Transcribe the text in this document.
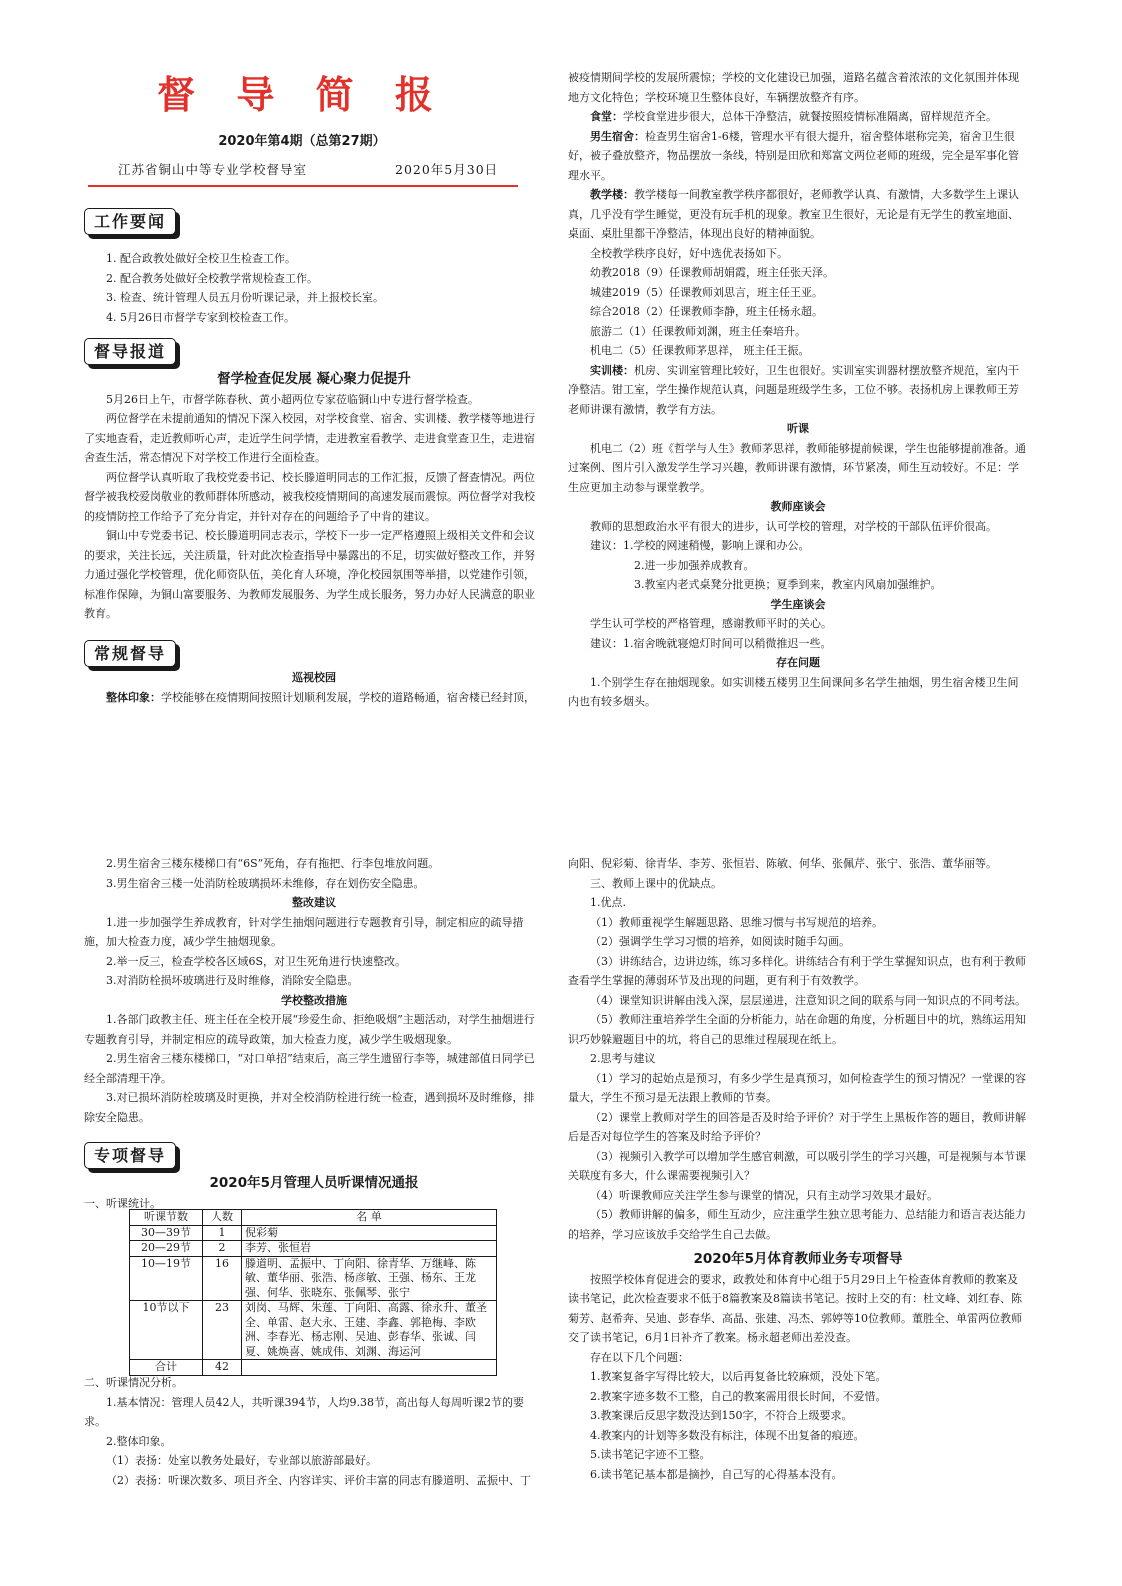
督 导 简 报
2020年第4期（总第27期）
江苏省铜山中等专业学校督导室	2020年5月30日
工作要闻

1. 配合政教处做好全校卫生检查工作。

2. 配合教务处做好全校教学常规检查工作。

3. 检查、统计管理人员五月份听课记录，并上报校长室。

4. 5月26日市督学专家到校检查工作。

督导报道

督学检查促发展 凝心聚力促提升

5月26日上午，市督学陈春秋、黄小超两位专家莅临铜山中专进行督学检查。

两位督学在未提前通知的情况下深入校园，对学校食堂、宿舍、实训楼、教学楼等地进行了实地查看，走近教师听心声，走近学生问学情，走进教室看教学、走进食堂查卫生，走进宿舍查生活，常态情况下对学校工作进行全面检查。

两位督学认真听取了我校党委书记、校长滕道明同志的工作汇报，反馈了督查情况。两位督学被我校爱岗敬业的教师群体所感动，被我校疫情期间的高速发展而震惊。两位督学对我校的疫情防控工作给予了充分肯定，并针对存在的问题给予了中肯的建议。

铜山中专党委书记、校长滕道明同志表示，学校下一步一定严格遵照上级相关文件和会议的要求，关注长远，关注质量，针对此次检查指导中暴露出的不足，切实做好整改工作，并努力通过强化学校管理，优化师资队伍，美化育人环境，净化校园氛围等举措，以党建作引领，标准作保障，为铜山富要服务、为教师发展服务、为学生成长服务，努力办好人民满意的职业教育。

常规督导

巡视校园

整体印象：学校能够在疫情期间按照计划顺利发展，学校的道路畅通，宿舍楼已经封顶，

被疫情期间学校的发展所震惊；学校的文化建设已加强，道路名蕴含着浓浓的文化氛围并体现地方文化特色；学校环境卫生整体良好，车辆摆放整齐有序。

食堂：学校食堂进步很大，总体干净整洁，就餐按照疫情标准隔离，留样规范齐全。

男生宿舍：检查男生宿舍1-6楼，管理水平有很大提升，宿舍整体堪称完美，宿舍卫生很好，被子叠放整齐，物品摆放一条线，特别是田欣和郑富文两位老师的班级，完全是军事化管理水平。

教学楼：教学楼每一间教室教学秩序都很好，老师教学认真、有激情，大多数学生上课认真，几乎没有学生睡觉，更没有玩手机的现象。教室卫生很好，无论是有无学生的教室地面、桌面、桌肚里都干净整洁，体现出良好的精神面貌。

全校教学秩序良好，好中选优表扬如下。

幼教2018（9）任课教师胡娟霞，班主任张天泽。

城建2019（5）任课教师刘思言，班主任王亚。

综合2018（2）任课教师李静，班主任杨永超。

旅游二（1）任课教师刘渊，班主任秦培升。

机电二（5）任课教师茅思祥， 班主任王振。

实训楼：机房、实训室管理比较好，卫生也很好。实训室实训器材摆放整齐规范，室内干净整洁。钳工室，学生操作规范认真，问题是班级学生多，工位不够。表扬机房上课教师王芳老师讲课有激情，教学有方法。

听课

机电二（2）班《哲学与人生》教师茅思祥，教师能够提前候课，学生也能够提前准备。通过案例、图片引入激发学生学习兴趣，教师讲课有激情，环节紧凑，师生互动较好。不足：学生应更加主动参与课堂教学。

教师座谈会

教师的思想政治水平有很大的进步，认可学校的管理，对学校的干部队伍评价很高。

建议：1.学校的网速稍慢，影响上课和办公。

2.进一步加强养成教育。

3.教室内老式桌凳分批更换；夏季到来，教室内风扇加强维护。

学生座谈会

学生认可学校的严格管理，感谢教师平时的关心。

建议：1.宿舍晚就寝熄灯时间可以稍微推迟一些。

存在问题

1.个别学生存在抽烟现象。如实训楼五楼男卫生间课间多名学生抽烟，男生宿舍楼卫生间内也有较多烟头。

2.男生宿舍三楼东楼梯口有“6S”死角，存有拖把、行李包堆放问题。

3.男生宿舍三楼一处消防栓玻璃损坏未维修，存在划伤安全隐患。

整改建议

1.进一步加强学生养成教育，针对学生抽烟问题进行专题教育引导，制定相应的疏导措施，加大检查力度，减少学生抽烟现象。

2.举一反三，检查学校各区域6S，对卫生死角进行快速整改。

3.对消防栓损坏玻璃进行及时维修，消除安全隐患。

学校整改措施

1.各部门政教主任、班主任在全校开展“珍爱生命、拒绝吸烟”主题活动，对学生抽烟进行专题教育引导，并制定相应的疏导政策，加大检查力度，减少学生吸烟现象。

2.男生宿舍三楼东楼梯口，“对口单招”结束后，高三学生遗留行李等，城建部值日同学已经全部清理干净。

3.对已损坏消防栓玻璃及时更换，并对全校消防栓进行统一检查，遇到损坏及时维修，排除安全隐患。

专项督导

2020年5月管理人员听课情况通报

一、听课统计。

听课节数	人数	名 单
30—39节	1	倪彩菊
20—29节	2	李芳、张恒岩
10—19节	16	滕道明、孟振中、丁向阳、徐青华、万继峰、陈敏、董华丽、张浩、杨彦敏、王强、杨东、王龙强、何华、张晓东、张佩琴、张宁
10节以下	23	刘岗、马辉、朱莲、丁向阳、高露、徐永升、董圣全、单雷、赵大永、王建、李鑫、郭艳梅、李欧洲、李春光、杨志刚、吴迪、彭春华、张诚、闫夏、姚焕喜、姚成伟、刘渊、海运河
合计	42	

二、听课情况分析。

1.基本情况：管理人员42人，共听课394节，人均9.38节，高出每人每周听课2节的要求。

2.整体印象。

（1）表扬：处室以教务处最好，专业部以旅游部最好。

（2）表扬：听课次数多、项目齐全、内容详实、评价丰富的同志有滕道明、孟振中、丁

向阳、倪彩菊、徐青华、李芳、张恒岩、陈敏、何华、张佩芹、张宁、张浩、董华丽等。

三、教师上课中的优缺点。

1.优点.

（1）教师重视学生解题思路、思维习惯与书写规范的培养。

（2）强调学生学习习惯的培养，如阅读时随手勾画。

（3）讲练结合，边讲边练，练习多样化。讲练结合有利于学生掌握知识点，也有利于教师查看学生掌握的薄弱环节及出现的问题，更有利于有效教学。

（4）课堂知识讲解由浅入深，层层递进，注意知识之间的联系与同一知识点的不同考法。

（5）教师注重培养学生全面的分析能力，站在命题的角度，分析题目中的坑，熟练运用知识巧妙躲避题目中的坑，将自己的思维过程展现在纸上。

2.思考与建议

（1）学习的起始点是预习，有多少学生是真预习，如何检查学生的预习情况？一堂课的容量大，学生不预习是无法跟上教师的节奏。

（2）课堂上教师对学生的回答是否及时给予评价？对于学生上黑板作答的题目，教师讲解后是否对每位学生的答案及时给予评价？

（3）视频引入教学可以增加学生感官刺激，可以吸引学生的学习兴趣，可是视频与本节课关联度有多大，什么课需要视频引入？

（4）听课教师应关注学生参与课堂的情况，只有主动学习效果才最好。

（5）教师讲解的偏多，师生互动少，应注重学生独立思考能力、总结能力和语言表达能力的培养，学习应该放手交给学生自己去做。

2020年5月体育教师业务专项督导

按照学校体育促进会的要求，政教处和体育中心组于5月29日上午检查体育教师的教案及读书笔记，此次检查要求不低于8篇教案及8篇读书笔记。按时上交的有：杜文峰、刘红春、陈菊芳、赵希奔、吴迪、彭春华、高晶、张建、冯杰、郭婷等10位教师。董胜全、单雷两位教师交了读书笔记，6月1日补齐了教案。杨永超老师出差没查。

存在以下几个问题：

1.教案复备字写得比较大，以后再复备比较麻烦，没处下笔。

2.教案字迹多数不工整，自己的教案需用很长时间，不爱惜。

3.教案课后反思字数没达到150字，不符合上级要求。

4.教案内的计划等多数没有标注，体现不出复备的痕迹。

5.读书笔记字迹不工整。

6.读书笔记基本都是摘抄，自己写的心得基本没有。
